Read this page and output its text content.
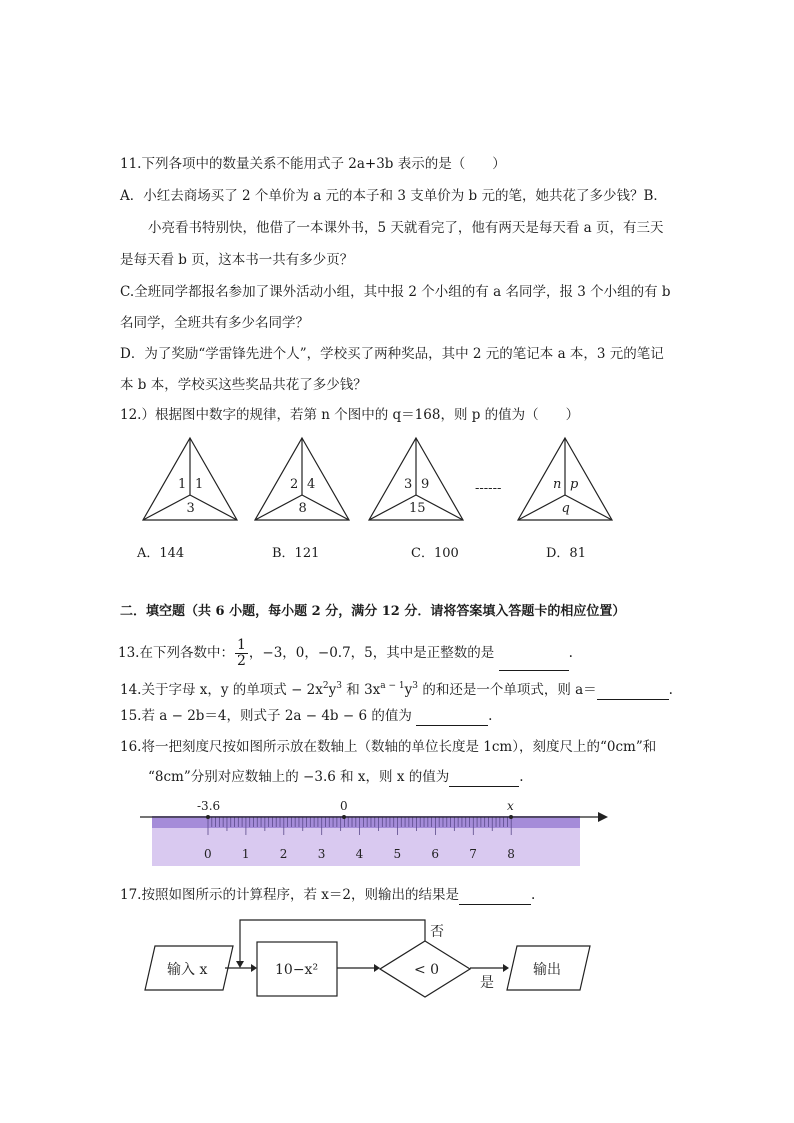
11.下列各项中的数量关系不能用式子 2a+3b 表示的是（　　）
A．小红去商场买了 2 个单价为 a 元的本子和 3 支单价为 b 元的笔，她共花了多少钱？B．
小亮看书特别快，他借了一本课外书，5 天就看完了，他有两天是每天看 a 页，有三天
是每天看 b 页，这本书一共有多少页？
C.全班同学都报名参加了课外活动小组，其中报 2 个小组的有 a 名同学，报 3 个小组的有 b
名同学，全班共有多少名同学？
D．为了奖励“学雷锋先进个人”，学校买了两种奖品，其中 2 元的笔记本 a 本，3 元的笔记
本 b 本，学校买这些奖品共花了多少钱？
12.）根据图中数字的规律，若第 n 个图中的 q＝168，则 p 的值为（　　）
------
1 1
3
2 4
8
3 9
15
n p
q
A．144	B．121	C．100	D．81
二．填空题（共 6 小题，每小题 2 分，满分 12 分．请将答案填入答题卡的相应位置）
13.在下列各数中： $\frac{1}{2}$ ，−3，0，−0.7，5，其中是正整数的是	.
14.关于字母 x，y 的单项式 − $2x^2y^3$ 和 $3x^{a - 1}y^3$ 的和还是一个单项式，则 a＝	.
15.若 a − 2b＝4，则式子 2a − 4b − 6 的值为	.
16.将一把刻度尺按如图所示放在数轴上（数轴的单位长度是 1cm），刻度尺上的“0cm”和
“8cm”分别对应数轴上的 −3.6 和 x，则 x 的值为	.
-3.6	0	x
0	1	2	3	4	5	6	7	8
17.按照如图所示的计算程序，若 x＝2，则输出的结果是	.
输入 x	10−x²	< 0
否
是
输出
